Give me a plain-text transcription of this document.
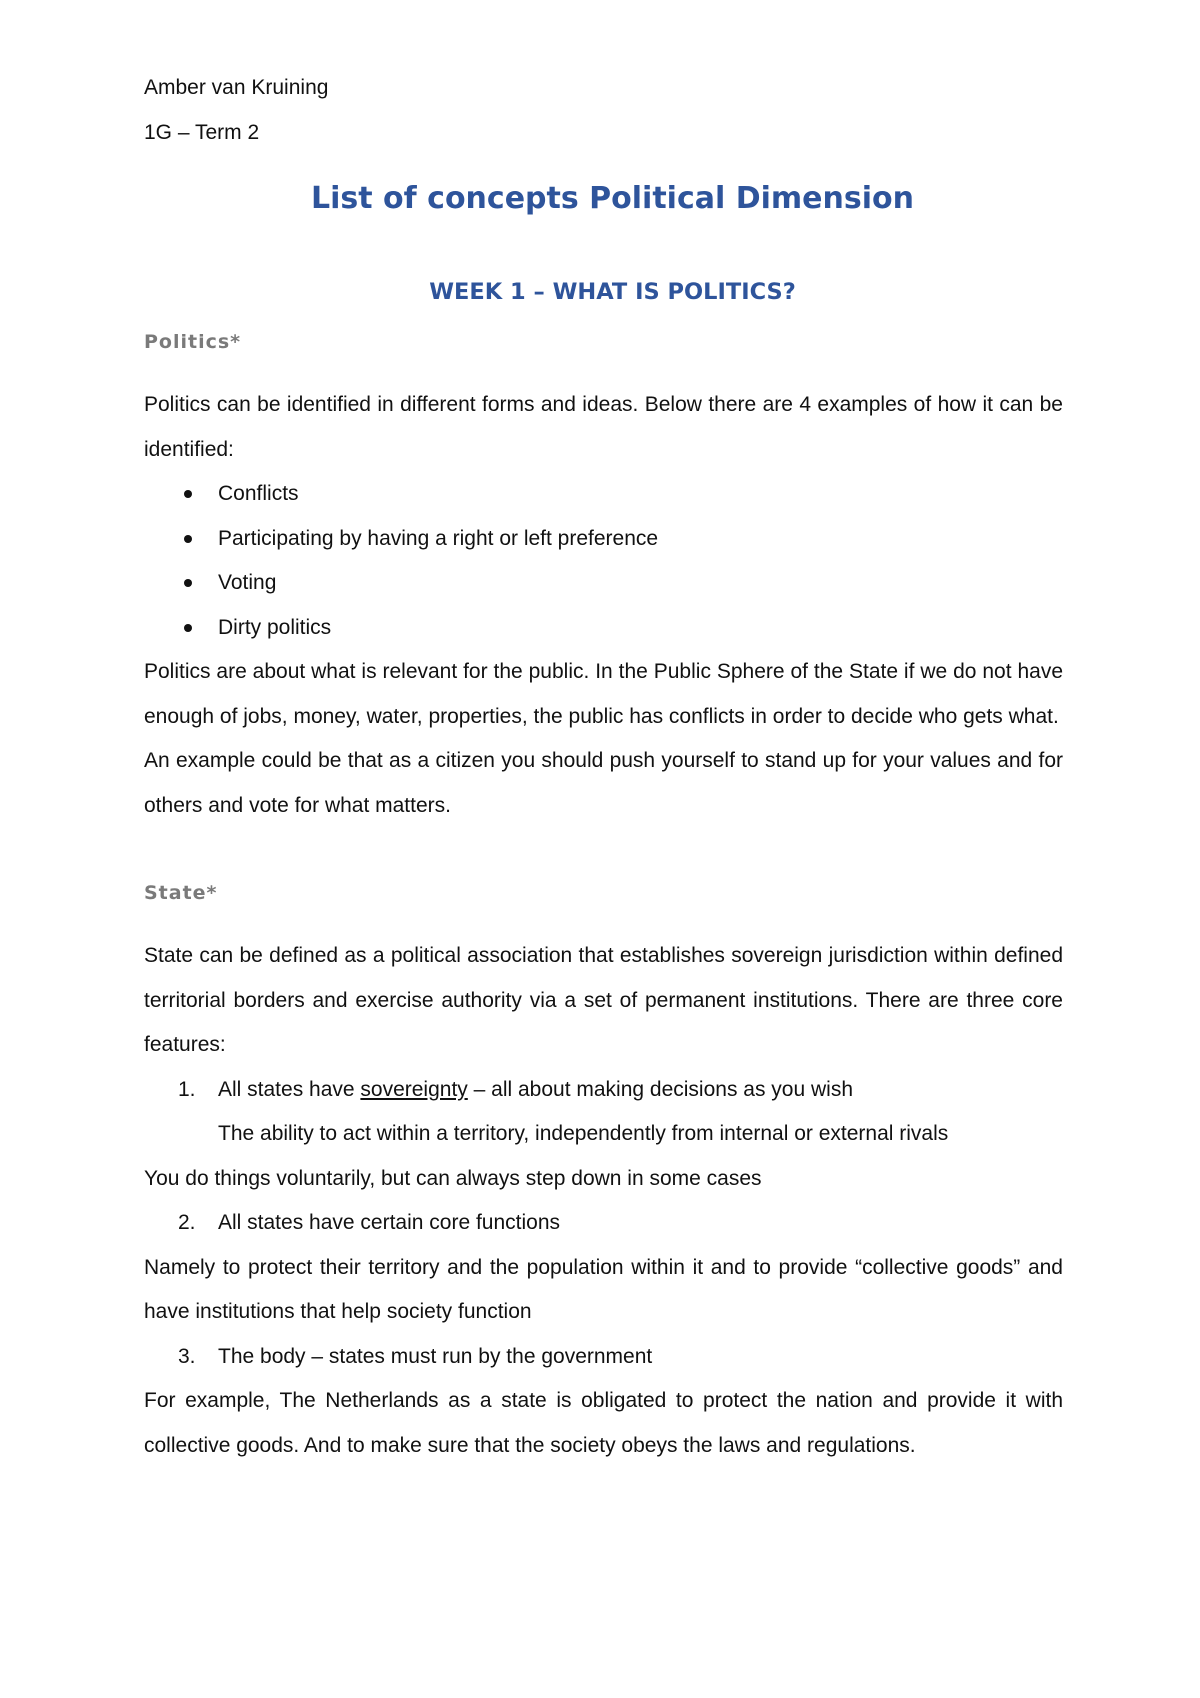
Amber van Kruining

1G – Term 2

List of concepts Political Dimension
WEEK 1 – WHAT IS POLITICS?
Politics*

Politics can be identified in different forms and ideas. Below there are 4 examples of how it can be identified:

Conflicts
Participating by having a right or left preference
Voting
Dirty politics

Politics are about what is relevant for the public. In the Public Sphere of the State if we do not have enough of jobs, money, water, properties, the public has conflicts in order to decide who gets what.

An example could be that as a citizen you should push yourself to stand up for your values and for others and vote for what matters.

State*

State can be defined as a political association that establishes sovereign jurisdiction within defined territorial borders and exercise authority via a set of permanent institutions. There are three core features:

1. All states have sovereignty – all about making decisions as you wish

The ability to act within a territory, independently from internal or external rivals

You do things voluntarily, but can always step down in some cases

2. All states have certain core functions

Namely to protect their territory and the population within it and to provide “collective goods” and have institutions that help society function

3. The body – states must run by the government

For example, The Netherlands as a state is obligated to protect the nation and provide it with collective goods. And to make sure that the society obeys the laws and regulations.
